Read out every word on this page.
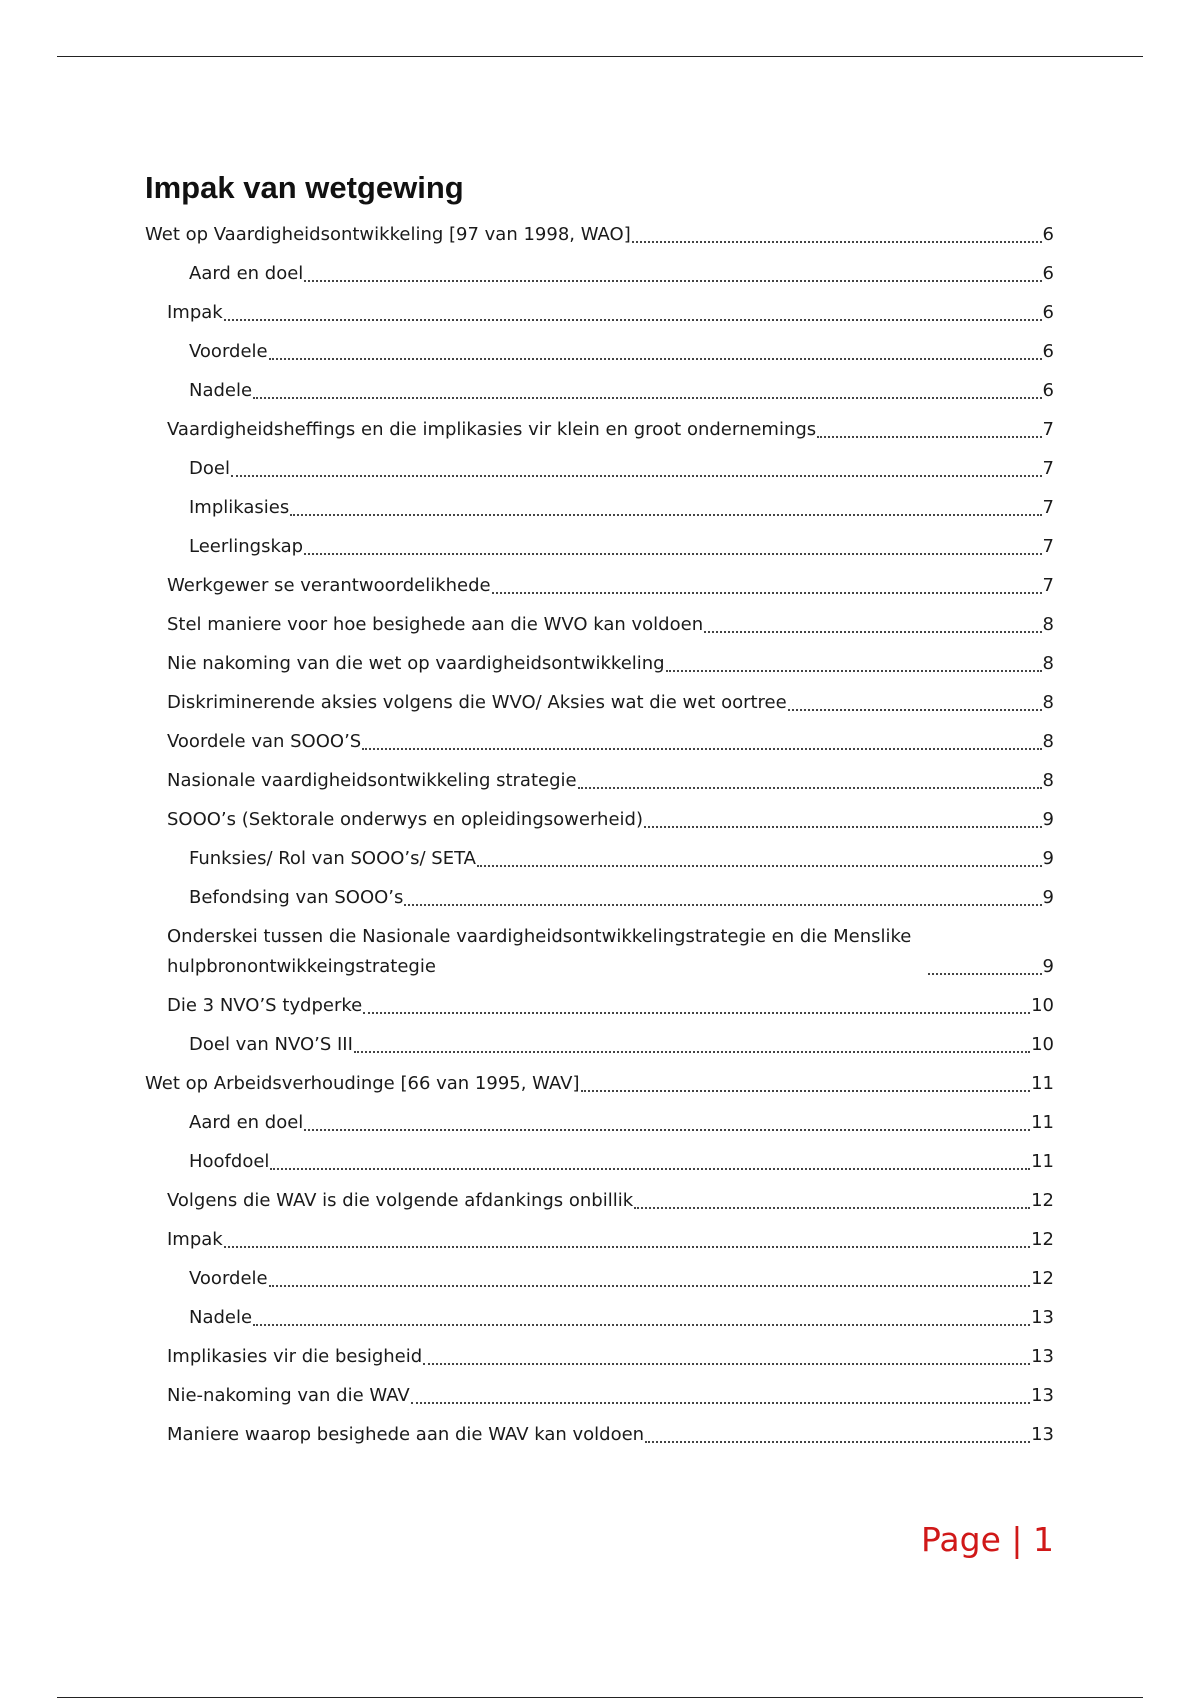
Impak van wetgewing
Wet op Vaardigheidsontwikkeling [97 van 1998, WAO]	6
Aard en doel	6
Impak	6
Voordele	6
Nadele	6
Vaardigheidsheffings en die implikasies vir klein en groot ondernemings	7
Doel	7
Implikasies	7
Leerlingskap	7
Werkgewer se verantwoordelikhede	7
Stel maniere voor hoe besighede aan die WVO kan voldoen	8
Nie nakoming van die wet op vaardigheidsontwikkeling	8
Diskriminerende aksies volgens die WVO/ Aksies wat die wet oortree	8
Voordele van SOOO’S	8
Nasionale vaardigheidsontwikkeling strategie	8
SOOO’s (Sektorale onderwys en opleidingsowerheid)	9
Funksies/ Rol van SOOO’s/ SETA	9
Befondsing van SOOO’s	9
Onderskei tussen die Nasionale vaardigheidsontwikkelingstrategie en die Menslike hulpbronontwikkeingstrategie	9
Die 3 NVO’S tydperke	10
Doel van NVO’S III	10
Wet op Arbeidsverhoudinge [66 van 1995, WAV]	11
Aard en doel	11
Hoofdoel	11
Volgens die WAV is die volgende afdankings onbillik	12
Impak	12
Voordele	12
Nadele	13
Implikasies vir die besigheid	13
Nie-nakoming van die WAV	13
Maniere waarop besighede aan die WAV kan voldoen	13
Page | 1
